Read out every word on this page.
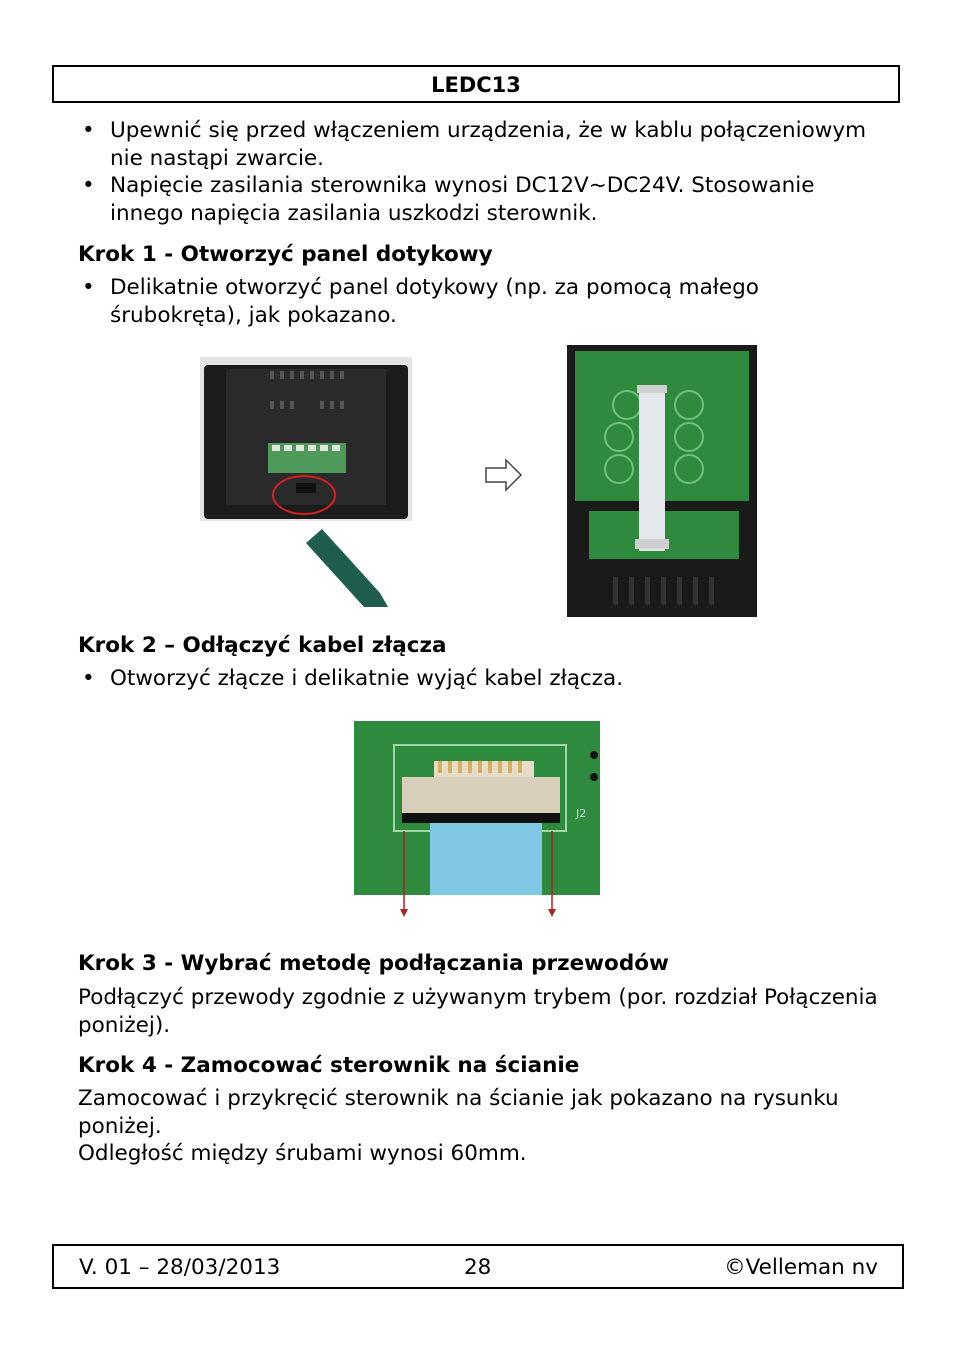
LEDC13
• Upewnić się przed włączeniem urządzenia, że w kablu połączeniowym nie nastąpi zwarcie.
• Napięcie zasilania sterownika wynosi DC12V~DC24V. Stosowanie innego napięcia zasilania uszkodzi sterownik.
Krok 1 - Otworzyć panel dotykowy
• Delikatnie otworzyć panel dotykowy (np. za pomocą małego śrubokręta), jak pokazano.
Krok 2 – Odłączyć kabel złącza
• Otworzyć złącze i delikatnie wyjąć kabel złącza.
J2
Krok 3 - Wybrać metodę podłączania przewodów

Podłączyć przewody zgodnie z używanym trybem (por. rozdział Połączenia poniżej).

Krok 4 - Zamocować sterownik na ścianie

Zamocować i przykręcić sterownik na ścianie jak pokazano na rysunku poniżej.

Odległość między śrubami wynosi 60mm.

V. 01 – 28/03/2013	28	©Velleman nv
